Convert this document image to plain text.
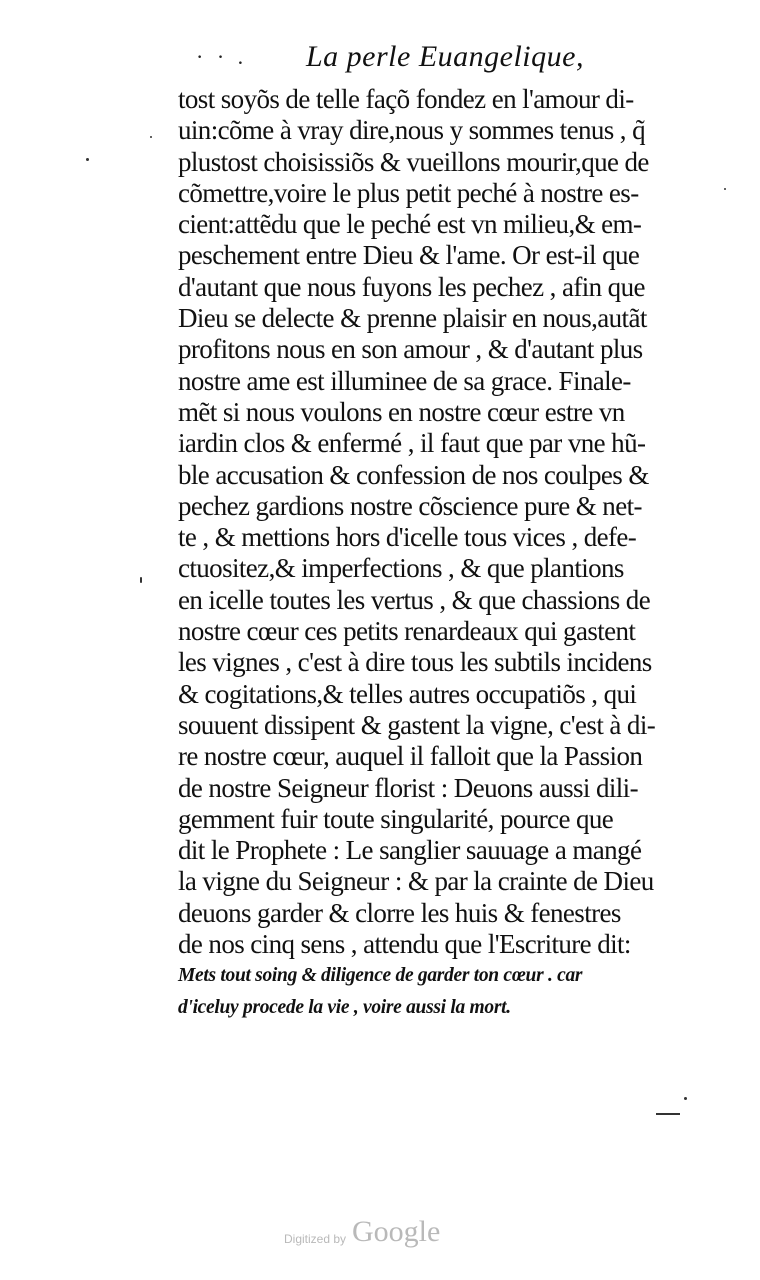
· · . La perle Euangelique,
tost soyõs de telle façõ fondez en l'amour di-
uin:cõme à vray dire,nous y sommes tenus , q̃
plustost choisissiõs & vueillons mourir,que de
cõmettre,voire le plus petit peché à nostre es-
cient:attẽdu que le peché est vn milieu,& em-
peschement entre Dieu & l'ame. Or est-il que
d'autant que nous fuyons les pechez , afin que
Dieu se delecte & prenne plaisir en nous,autãt
profitons nous en son amour , & d'autant plus
nostre ame est illuminee de sa grace. Finale-
mẽt si nous voulons en nostre cœur estre vn
iardin clos & enfermé , il faut que par vne hũ-
ble accusation & confession de nos coulpes &
pechez gardions nostre cõscience pure & net-
te , & mettions hors d'icelle tous vices , defe-
ctuositez,& imperfections , & que plantions
en icelle toutes les vertus , & que chassions de
nostre cœur ces petits renardeaux qui gastent
les vignes , c'est à dire tous les subtils incidens
& cogitations,& telles autres occupatiõs , qui
souuent dissipent & gastent la vigne, c'est à di-
re nostre cœur, auquel il falloit que la Passion
de nostre Seigneur florist : Deuons aussi dili-
gemment fuir toute singularité, pource que
dit le Prophete : Le sanglier sauuage a mangé
la vigne du Seigneur : & par la crainte de Dieu
deuons garder & clorre les huis & fenestres
de nos cinq sens , attendu que l'Escriture dit:
Mets tout soing & diligence de garder ton cœur . car
d'iceluy procede la vie , voire aussi la mort.
Digitized by Google
